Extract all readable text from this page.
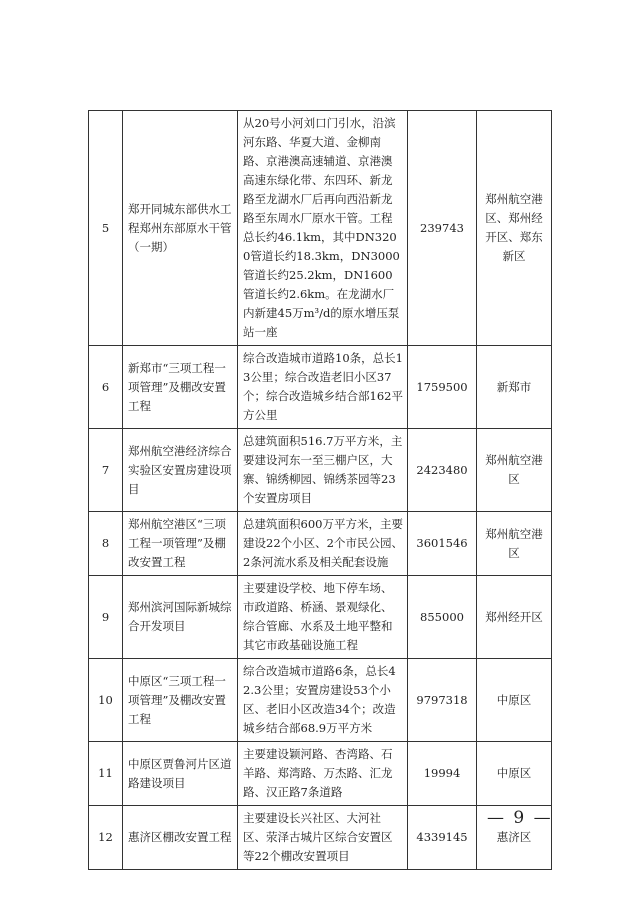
5	郑开同城东部供水工程郑州东部原水干管（一期）	从20号小河刘口门引水，沿滨河东路、华夏大道、金柳南路、京港澳高速辅道、京港澳高速东绿化带、东四环、新龙路至龙湖水厂后再向西沿新龙路至东周水厂原水干管。工程总长约46.1km，其中DN3200管道长约18.3km，DN3000管道长约25.2km，DN1600管道长约2.6km。在龙湖水厂内新建45万m³/d的原水增压泵站一座	239743	郑州航空港区、郑州经开区、郑东新区
6	新郑市“三项工程一项管理”及棚改安置工程	综合改造城市道路10条，总长13公里；综合改造老旧小区37个；综合改造城乡结合部162平方公里	1759500	新郑市
7	郑州航空港经济综合实验区安置房建设项目	总建筑面积516.7万平方米，主要建设河东一至三棚户区，大寨、锦绣柳园、锦绣茶园等23个安置房项目	2423480	郑州航空港区
8	郑州航空港区“三项工程一项管理”及棚改安置工程	总建筑面积600万平方米，主要建设22个小区、2个市民公园、2条河流水系及相关配套设施	3601546	郑州航空港区
9	郑州滨河国际新城综合开发项目	主要建设学校、地下停车场、市政道路、桥涵、景观绿化、综合管廊、水系及土地平整和其它市政基础设施工程	855000	郑州经开区
10	中原区“三项工程一项管理”及棚改安置工程	综合改造城市道路6条，总长42.3公里；安置房建设53个小区、老旧小区改造34个；改造城乡结合部68.9万平方米	9797318	中原区
11	中原区贾鲁河片区道路建设项目	主要建设颖河路、杏湾路、石羊路、郑湾路、万杰路、汇龙路、汉正路7条道路	19994	中原区
12	惠济区棚改安置工程	主要建设长兴社区、大河社区、荥泽古城片区综合安置区等22个棚改安置项目	4339145	惠济区
— 9 —
